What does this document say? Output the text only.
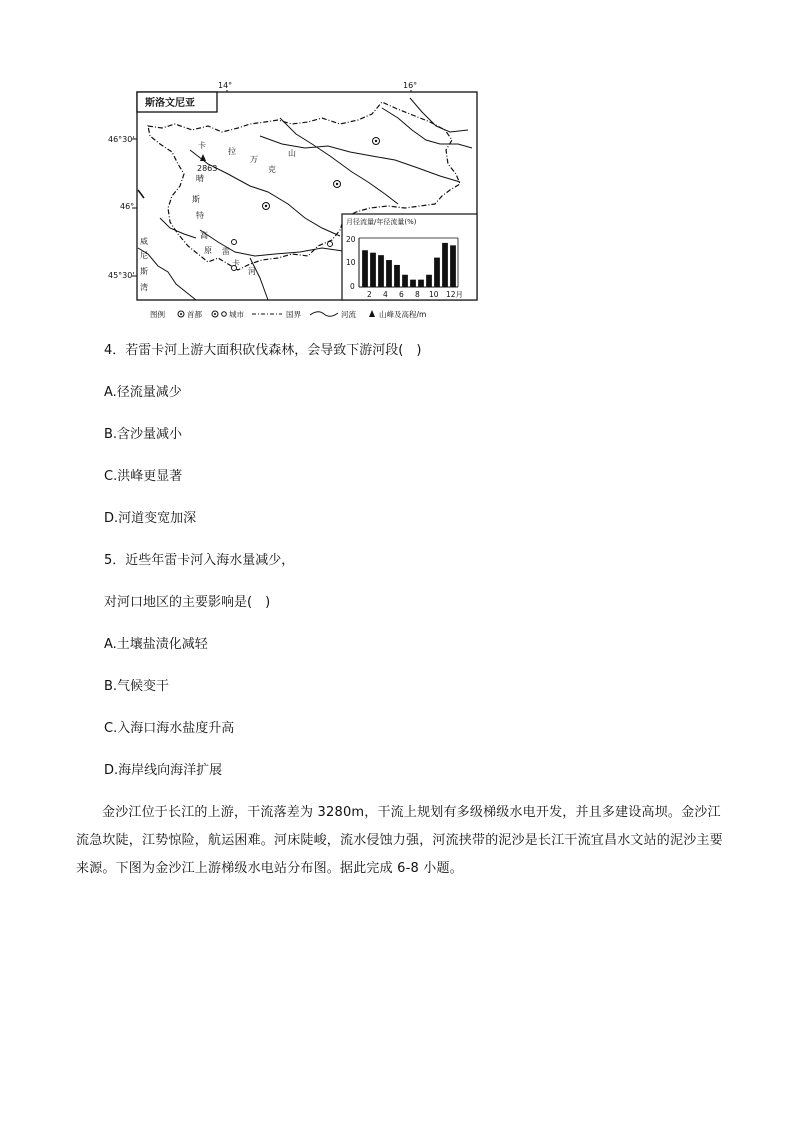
14°	16°
46°30'
46°
45°30'
斯洛文尼亚
2863
卡
拉
万
克
山
晴
斯
特
高
原 雷
卡
河
威
尼
斯
湾
月径流量/年径流量(%)
20
10
0
2 4 6 8 10 12月
图例	首都	城市	国界	河流	山峰及高程/m
4．若雷卡河上游大面积砍伐森林，会导致下游河段(　)
A.径流量减少
B.含沙量减小
C.洪峰更显著
D.河道变宽加深
5．近些年雷卡河入海水量减少，
对河口地区的主要影响是(　)
A.土壤盐渍化减轻
B.气候变干
C.入海口海水盐度升高
D.海岸线向海洋扩展
金沙江位于长江的上游，干流落差为 3280m，干流上规划有多级梯级水电开发，并且多建设高坝。金沙江流急坎陡，江势惊险，航运困难。河床陡峻，流水侵蚀力强，河流挟带的泥沙是长江干流宜昌水文站的泥沙主要来源。下图为金沙江上游梯级水电站分布图。据此完成 6-8 小题。
